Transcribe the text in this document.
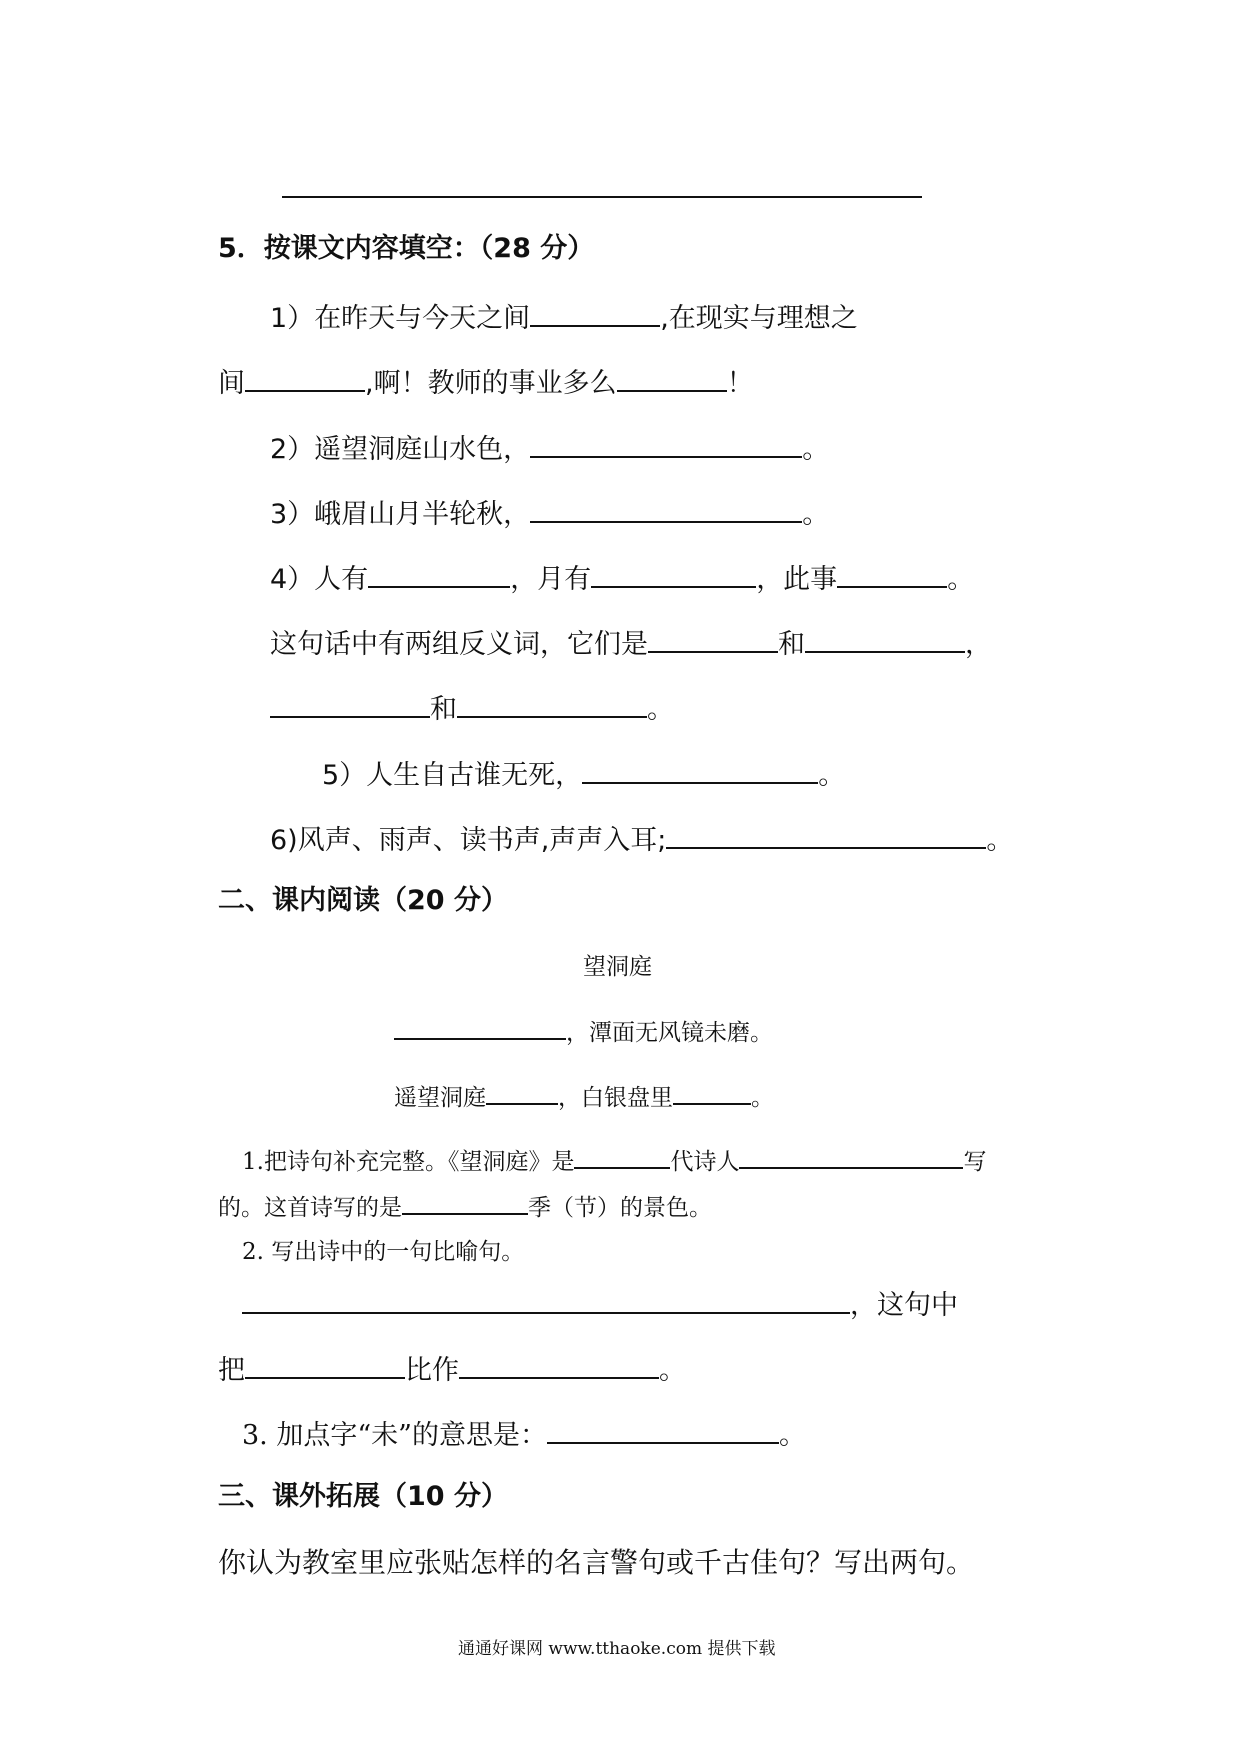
5．按课文内容填空：（28 分）
1）在昨天与今天之间	,在现实与理想之
间	,啊！教师的事业多么	！
2）遥望洞庭山水色，	。
3）峨眉山月半轮秋，	。
4）人有	，月有	，此事	。
这句话中有两组反义词，它们是	和	，
和	。
5）人生自古谁无死，	。
6)风声、雨声、读书声,声声入耳;	。
二、课内阅读（20 分）
望洞庭
，潭面无风镜未磨。
遥望洞庭	，白银盘里	。
1.把诗句补充完整。《望洞庭》是	代诗人	写
的。这首诗写的是	季（节）的景色。
2. 写出诗中的一句比喻句。
，这句中
把	比作	。
3. 加点字“未”的意思是：	。
三、课外拓展（10 分）
你认为教室里应张贴怎样的名言警句或千古佳句？写出两句。
通通好课网 www.tthaoke.com 提供下载
